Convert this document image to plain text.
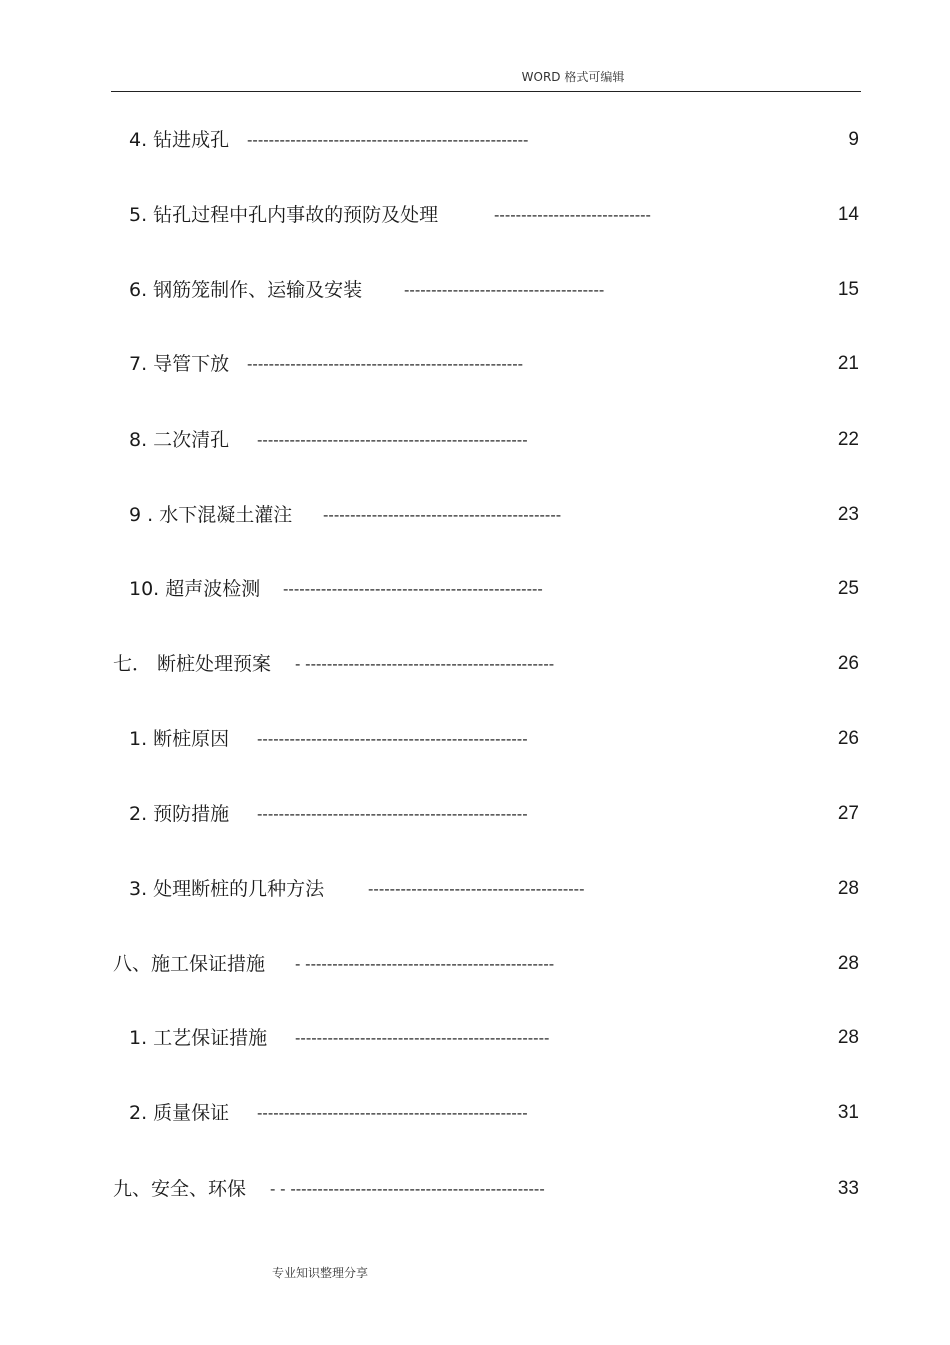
WORD 格式可编辑
4. 钻进成孔 ----------------------------------------------------	9
5. 钻孔过程中孔内事故的预防及处理	-----------------------------	14
6. 钢筋笼制作、运输及安装	-------------------------------------	15
7. 导管下放 ---------------------------------------------------	21
8. 二次清孔 --------------------------------------------------	22
9 . 水下混凝土灌注 --------------------------------------------	23
10. 超声波检测 ------------------------------------------------	25
七． 断桩处理预案 - ----------------------------------------------	26
1. 断桩原因 --------------------------------------------------	26
2. 预防措施 --------------------------------------------------	27
3. 处理断桩的几种方法	----------------------------------------	28
八、施工保证措施 - ----------------------------------------------	28
1. 工艺保证措施 -----------------------------------------------	28
2. 质量保证 --------------------------------------------------	31
九、安全、环保 - - -----------------------------------------------	33
专业知识整理分享
